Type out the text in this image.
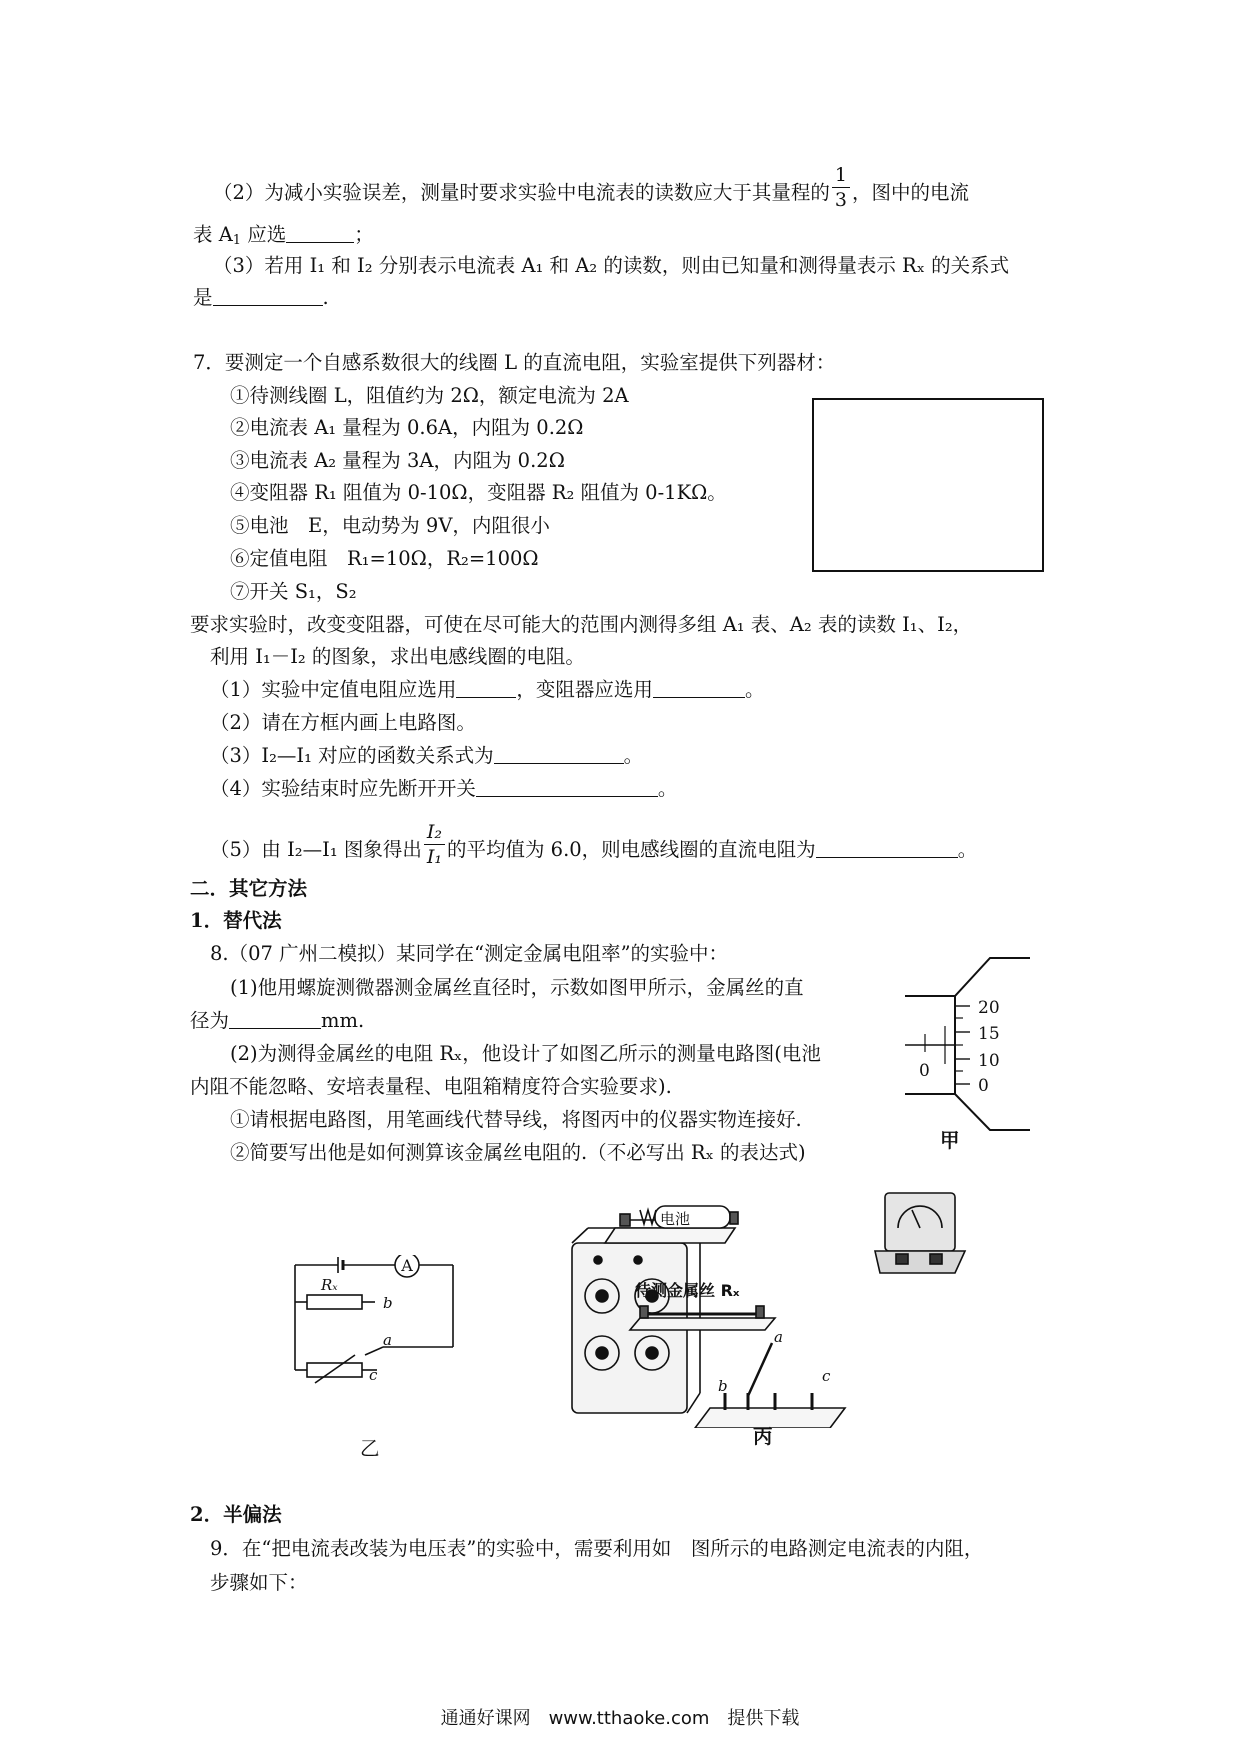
（2）为减小实验误差，测量时要求实验中电流表的读数应大于其量程的 $\frac{1}{3}$ ，图中的电流
表 $A_1$ 应选	；
（3）若用 I₁ 和 I₂ 分别表示电流表 A₁ 和 A₂ 的读数，则由已知量和测得量表示 Rₓ 的关系式
是	.
7．要测定一个自感系数很大的线圈 L 的直流电阻，实验室提供下列器材：
①待测线圈 L，阻值约为 2Ω，额定电流为 2A
②电流表 A₁ 量程为 0.6A，内阻为 0.2Ω
③电流表 A₂ 量程为 3A，内阻为 0.2Ω
④变阻器 R₁ 阻值为 0-10Ω，变阻器 R₂ 阻值为 0-1KΩ。
⑤电池　E，电动势为 9V，内阻很小
⑥定值电阻　R₁=10Ω，R₂=100Ω
⑦开关 S₁，S₂
要求实验时，改变变阻器，可使在尽可能大的范围内测得多组 A₁ 表、A₂ 表的读数 I₁、I₂，
利用 I₁－I₂ 的图象，求出电感线圈的电阻。
（1）实验中定值电阻应选用	，变阻器应选用	。
（2）请在方框内画上电路图。
（3）I₂—I₁ 对应的函数关系式为	。
（4）实验结束时应先断开开关	。
（5）由 I₂—I₁ 图象得出 $\frac{\text{I₂}}{\text{I₁}}$ 的平均值为 6.0，则电感线圈的直流电阻为	。
二．其它方法
1．替代法
8.（07 广州二模拟）某同学在“测定金属电阻率”的实验中：
(1)他用螺旋测微器测金属丝直径时，示数如图甲所示，金属丝的直
径为	mm.
(2)为测得金属丝的电阻 Rₓ，他设计了如图乙所示的测量电路图(电池
内阻不能忽略、安培表量程、电阻箱精度符合实验要求).
①请根据电路图，用笔画线代替导线，将图丙中的仪器实物连接好.
②简要写出他是如何测算该金属丝电阻的.（不必写出 Rₓ 的表达式)
20
15
10
0
0
甲
A
Rₓ
b
a
c
乙
电池
待测金属丝 Rₓ
a
b
c
丙
2．半偏法
9．在“把电流表改装为电压表”的实验中，需要利用如　图所示的电路测定电流表的内阻，
步骤如下：
通通好课网　www.tthaoke.com　提供下载
